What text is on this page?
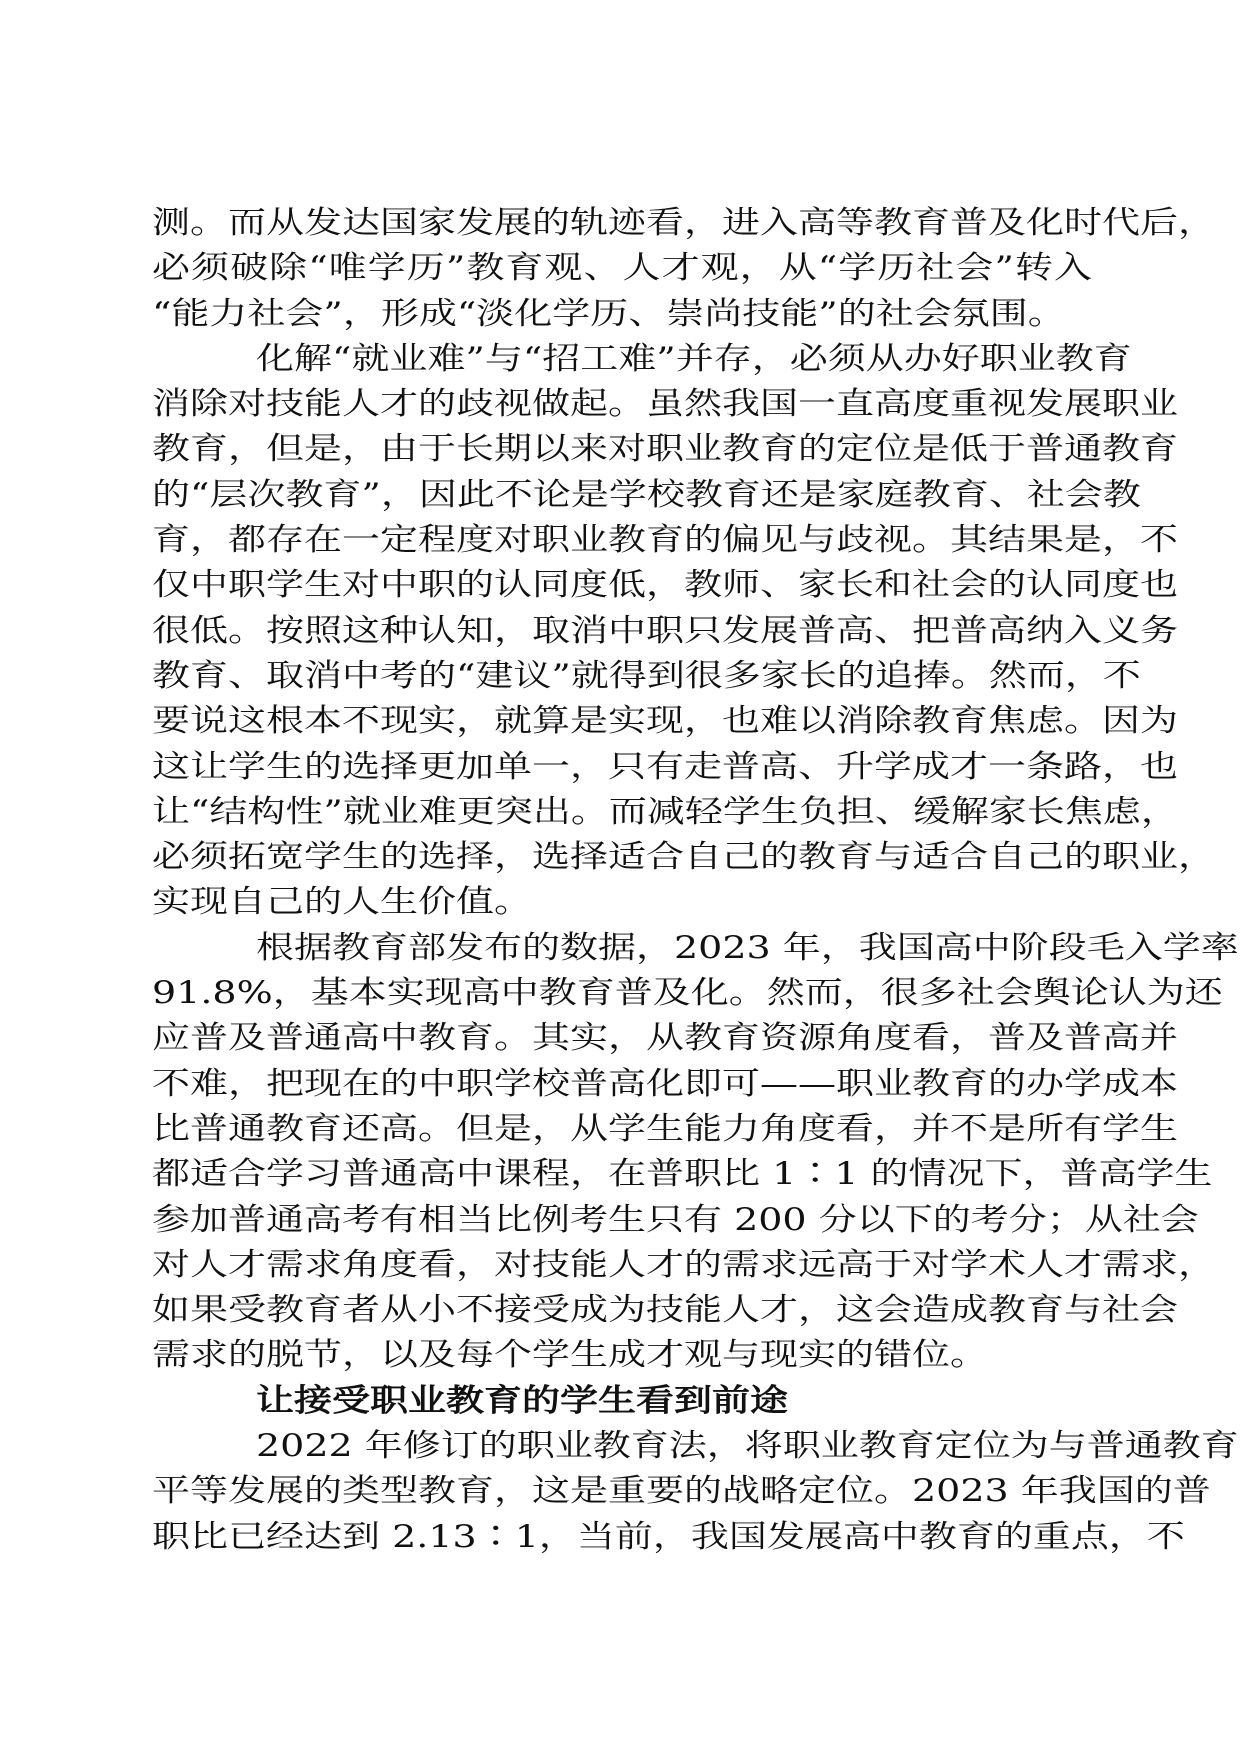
测。而从发达国家发展的轨迹看，进入高等教育普及化时代后，
必须破除“唯学历”教育观、人才观，从“学历社会”转入
“能力社会”，形成“淡化学历、崇尚技能”的社会氛围。
化解“就业难”与“招工难”并存，必须从办好职业教育
消除对技能人才的歧视做起。虽然我国一直高度重视发展职业
教育，但是，由于长期以来对职业教育的定位是低于普通教育
的“层次教育”，因此不论是学校教育还是家庭教育、社会教
育，都存在一定程度对职业教育的偏见与歧视。其结果是，不
仅中职学生对中职的认同度低，教师、家长和社会的认同度也
很低。按照这种认知，取消中职只发展普高、把普高纳入义务
教育、取消中考的“建议”就得到很多家长的追捧。然而，不
要说这根本不现实，就算是实现，也难以消除教育焦虑。因为
这让学生的选择更加单一，只有走普高、升学成才一条路，也
让“结构性”就业难更突出。而减轻学生负担、缓解家长焦虑，
必须拓宽学生的选择，选择适合自己的教育与适合自己的职业，
实现自己的人生价值。
根据教育部发布的数据，2023 年，我国高中阶段毛入学率
91.8%，基本实现高中教育普及化。然而，很多社会舆论认为还
应普及普通高中教育。其实，从教育资源角度看，普及普高并
不难，把现在的中职学校普高化即可——职业教育的办学成本
比普通教育还高。但是，从学生能力角度看，并不是所有学生
都适合学习普通高中课程，在普职比 1∶1 的情况下，普高学生
参加普通高考有相当比例考生只有 200 分以下的考分；从社会
对人才需求角度看，对技能人才的需求远高于对学术人才需求，
如果受教育者从小不接受成为技能人才，这会造成教育与社会
需求的脱节，以及每个学生成才观与现实的错位。
让接受职业教育的学生看到前途
2022 年修订的职业教育法，将职业教育定位为与普通教育
平等发展的类型教育，这是重要的战略定位。2023 年我国的普
职比已经达到 2.13∶1，当前，我国发展高中教育的重点，不
